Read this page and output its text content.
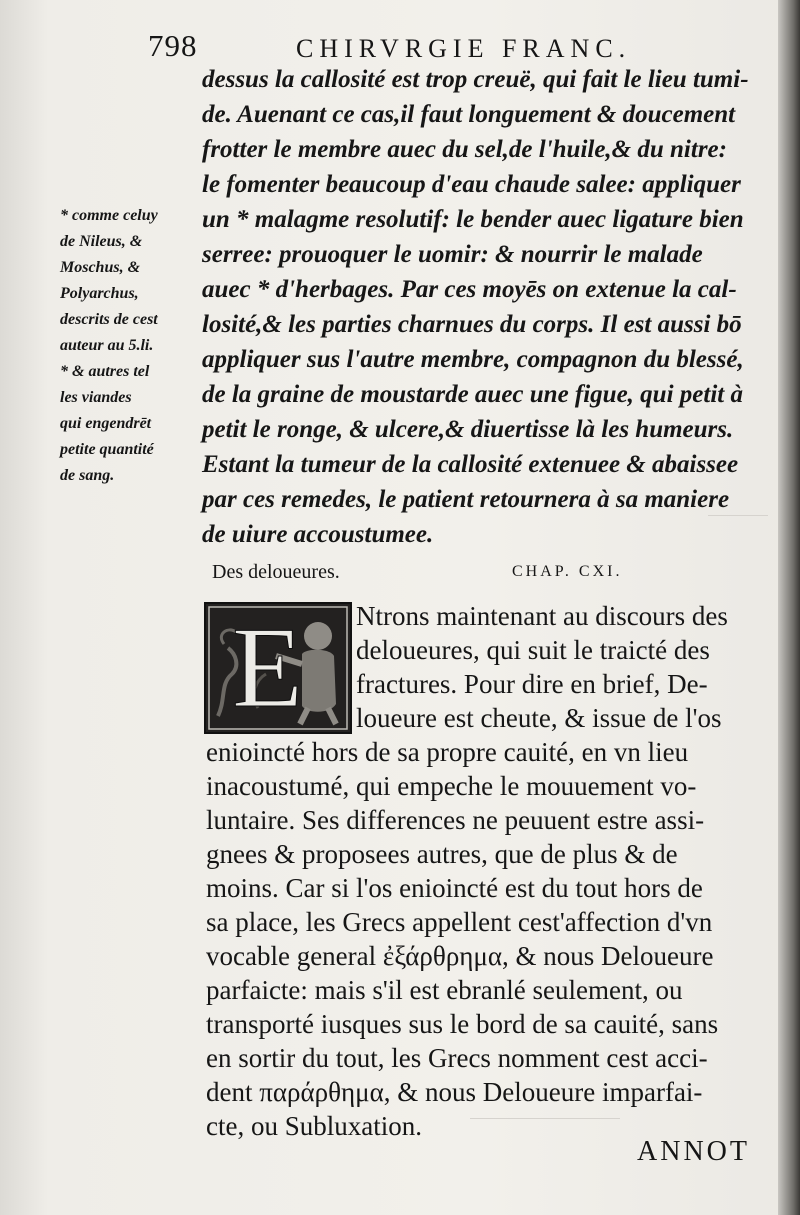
798	CHIRVRGIE FRANC.
dessus la callosité est trop creuë, qui fait le lieu tumi-
de. Auenant ce cas,il faut longuement & doucement
frotter le membre auec du sel,de l'huile,& du nitre:
le fomenter beaucoup d'eau chaude salee: appliquer
un * malagme resolutif: le bender auec ligature bien
serree: prouoquer le uomir: & nourrir le malade
auec * d'herbages. Par ces moyēs on extenue la cal-
losité,& les parties charnues du corps. Il est aussi bō
appliquer sus l'autre membre, compagnon du blessé,
de la graine de moustarde auec une figue, qui petit à
petit le ronge, & ulcere,& diuertisse là les humeurs.
Estant la tumeur de la callosité extenuee & abaissee
par ces remedes, le patient retournera à sa maniere
de uiure accoustumee.
* comme celuy
de Nileus, &
Moschus, &
Polyarchus,
descrits de cest
auteur au 5.li.
* & autres tel
les viandes
qui engendrēt
petite quantité
de sang.
Des deloueures.	CHAP. CXI.
E Ntrons maintenant au discours des
deloueures, qui suit le traicté des
fractures. Pour dire en brief, De-
loueure est cheute, & issue de l'os
enioincté hors de sa propre cauité, en vn lieu
inacoustumé, qui empeche le mouuement vo-
luntaire. Ses differences ne peuuent estre assi-
gnees & proposees autres, que de plus & de
moins. Car si l'os enioincté est du tout hors de
sa place, les Grecs appellent cest'affection d'vn
vocable general ἐξάρθρημα, & nous Deloueure
parfaicte: mais s'il est ebranlé seulement, ou
transporté iusques sus le bord de sa cauité, sans
en sortir du tout, les Grecs nomment cest acci-
dent παράρθημα, & nous Deloueure imparfai-
cte, ou Subluxation.
ANNOT
